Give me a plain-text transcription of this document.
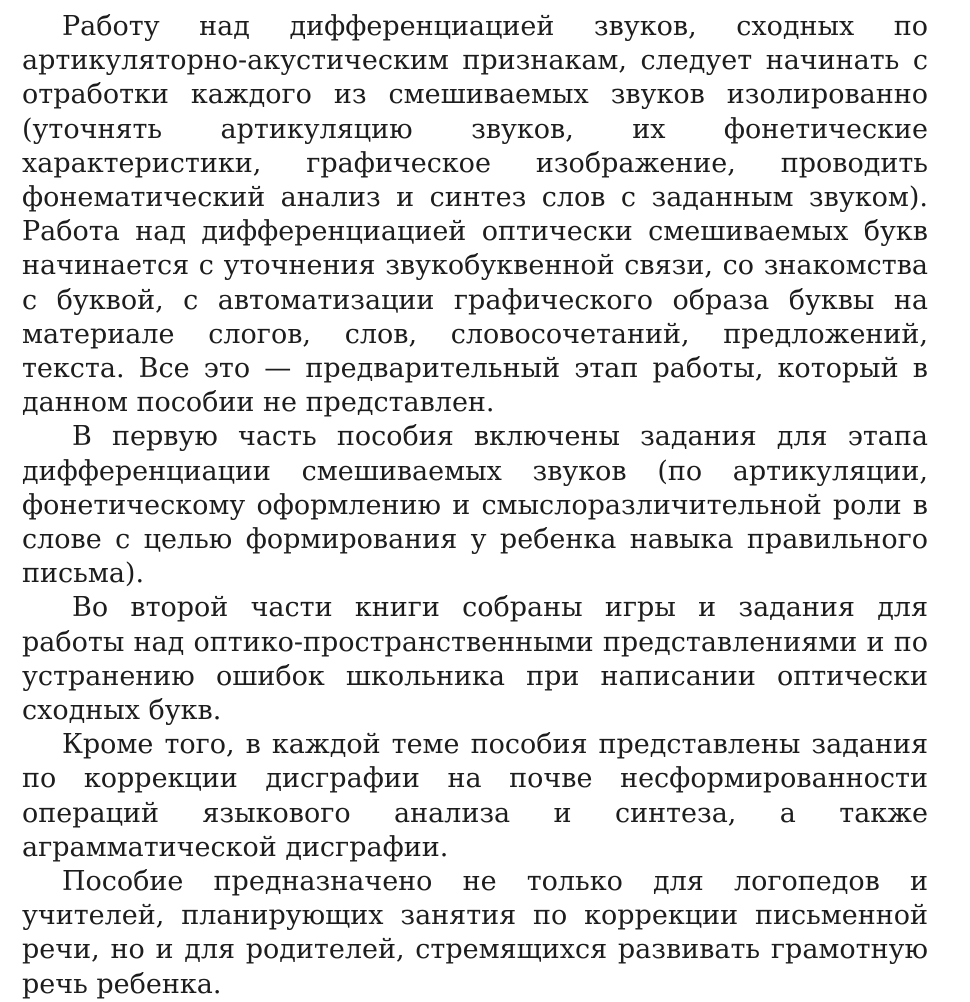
Работу над дифференциацией звуков, сходных по артикуляторно-акустическим признакам, следует начинать с отработки каждого из смешиваемых звуков изолированно (уточнять артикуляцию звуков, их фонетические характеристики, графическое изображение, проводить фонематический анализ и синтез слов с заданным звуком). Работа над дифференциацией оптически смешиваемых букв начинается с уточнения звукобуквенной связи, со знакомства с буквой, с автоматизации графического образа буквы на материале слогов, слов, словосочетаний, предложений, текста. Все это — предварительный этап работы, который в данном пособии не представлен.

В первую часть пособия включены задания для этапа дифференциации смешиваемых звуков (по артикуляции, фонетическому оформлению и смыслоразличительной роли в слове с целью формирования у ребенка навыка правильного письма).

Во второй части книги собраны игры и задания для работы над оптико-пространственными представлениями и по устранению ошибок школьника при написании оптически сходных букв.

Кроме того, в каждой теме пособия представлены задания по коррекции дисграфии на почве несформированности операций языкового анализа и синтеза, а также аграмматической дисграфии.

Пособие предназначено не только для логопедов и учителей, планирующих занятия по коррекции письменной речи, но и для родителей, стремящихся развивать грамотную речь ребенка.
